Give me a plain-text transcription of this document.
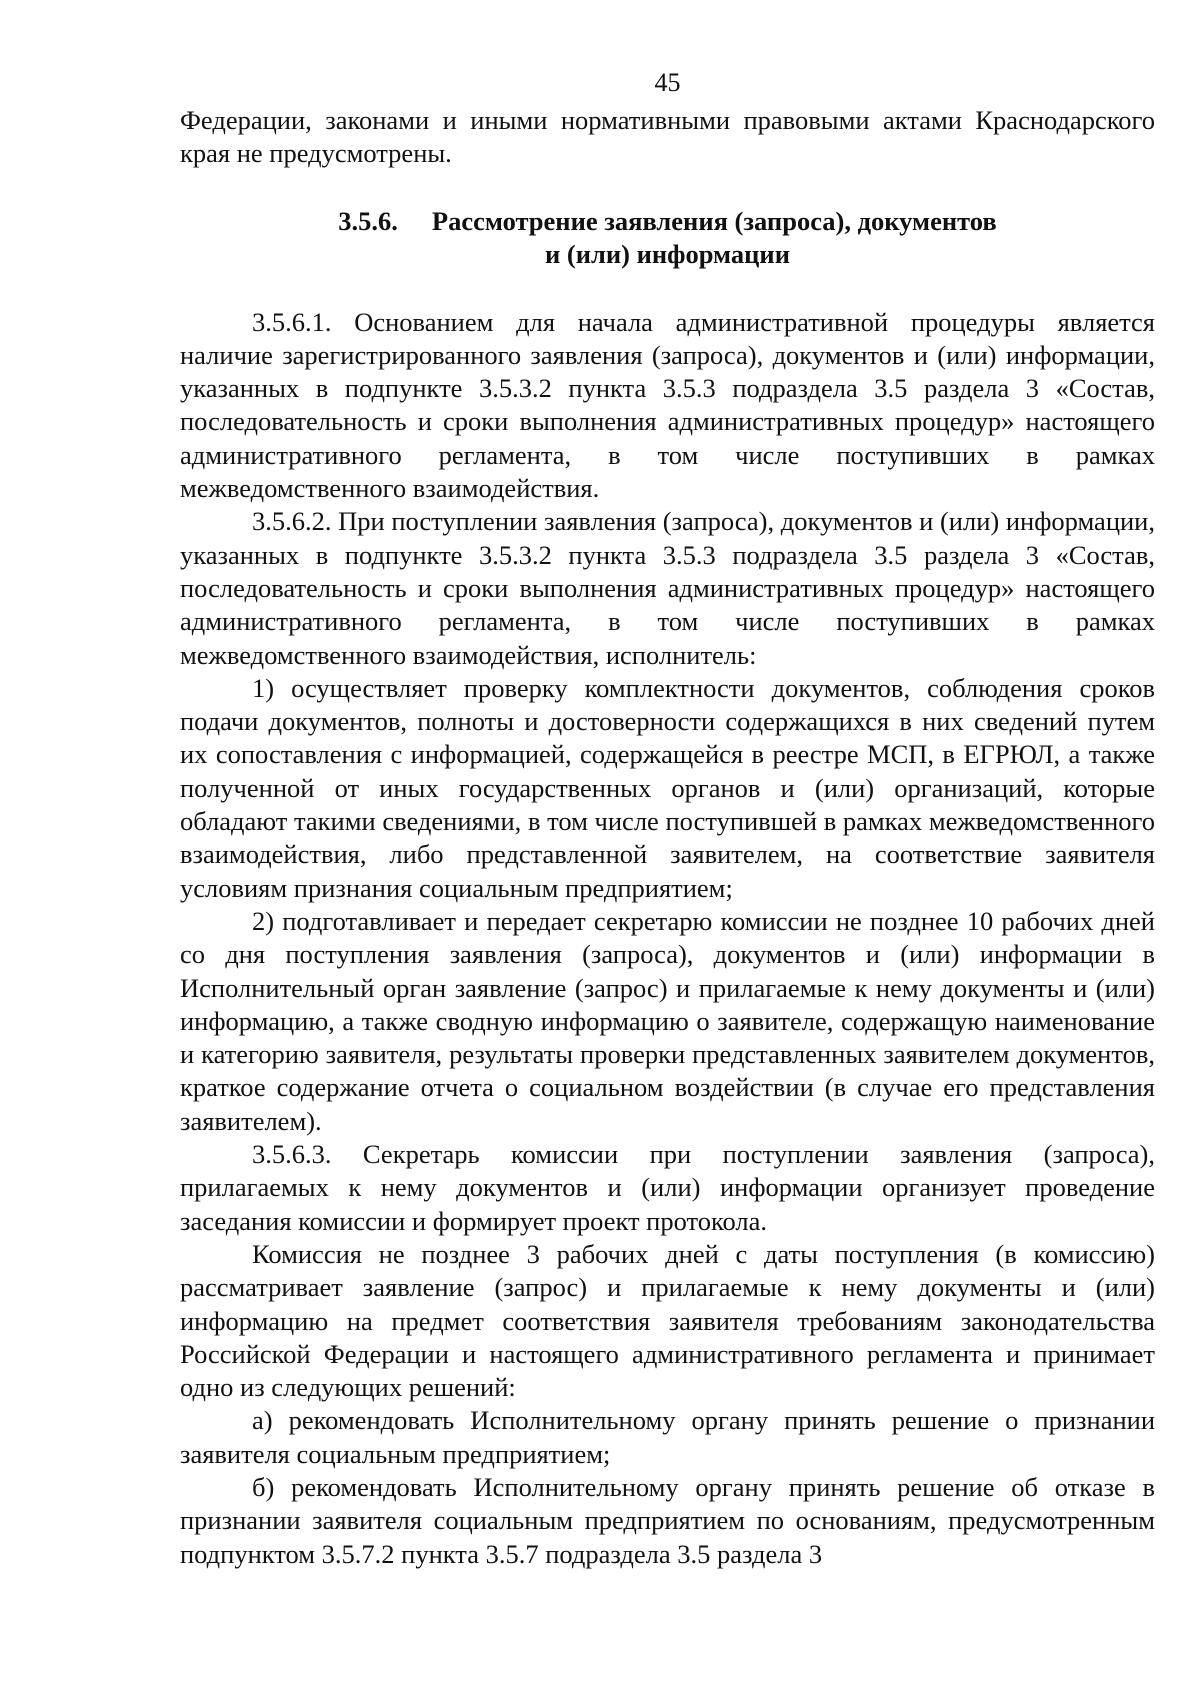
45

Федерации, законами и иными нормативными правовыми актами Краснодарского края не предусмотрены.

3.5.6. Рассмотрение заявления (запроса), документов
и (или) информации

3.5.6.1. Основанием для начала административной процедуры является наличие зарегистрированного заявления (запроса), документов и (или) информации, указанных в подпункте 3.5.3.2 пункта 3.5.3 подраздела 3.5 раздела 3 «Состав, последовательность и сроки выполнения административных процедур» настоящего административного регламента, в том числе поступивших в рамках межведомственного взаимодействия.

3.5.6.2. При поступлении заявления (запроса), документов и (или) информации, указанных в подпункте 3.5.3.2 пункта 3.5.3 подраздела 3.5 раздела 3 «Состав, последовательность и сроки выполнения административных процедур» настоящего административного регламента, в том числе поступивших в рамках межведомственного взаимодействия, исполнитель:

1) осуществляет проверку комплектности документов, соблюдения сроков подачи документов, полноты и достоверности содержащихся в них сведений путем их сопоставления с информацией, содержащейся в реестре МСП, в ЕГРЮЛ, а также полученной от иных государственных органов и (или) организаций, которые обладают такими сведениями, в том числе поступившей в рамках межведомственного взаимодействия, либо представленной заявителем, на соответствие заявителя условиям признания социальным предприятием;

2) подготавливает и передает секретарю комиссии не позднее 10 рабочих дней со дня поступления заявления (запроса), документов и (или) информации в Исполнительный орган заявление (запрос) и прилагаемые к нему документы и (или) информацию, а также сводную информацию о заявителе, содержащую наименование и категорию заявителя, результаты проверки представленных заявителем документов, краткое содержание отчета о социальном воздействии (в случае его представления заявителем).

3.5.6.3. Секретарь комиссии при поступлении заявления (запроса), прилагаемых к нему документов и (или) информации организует проведение заседания комиссии и формирует проект протокола.

Комиссия не позднее 3 рабочих дней с даты поступления (в комиссию) рассматривает заявление (запрос) и прилагаемые к нему документы и (или) информацию на предмет соответствия заявителя требованиям законодательства Российской Федерации и настоящего административного регламента и принимает одно из следующих решений:

а) рекомендовать Исполнительному органу принять решение о признании заявителя социальным предприятием;

б) рекомендовать Исполнительному органу принять решение об отказе в признании заявителя социальным предприятием по основаниям, предусмотренным подпунктом 3.5.7.2 пункта 3.5.7 подраздела 3.5 раздела 3
